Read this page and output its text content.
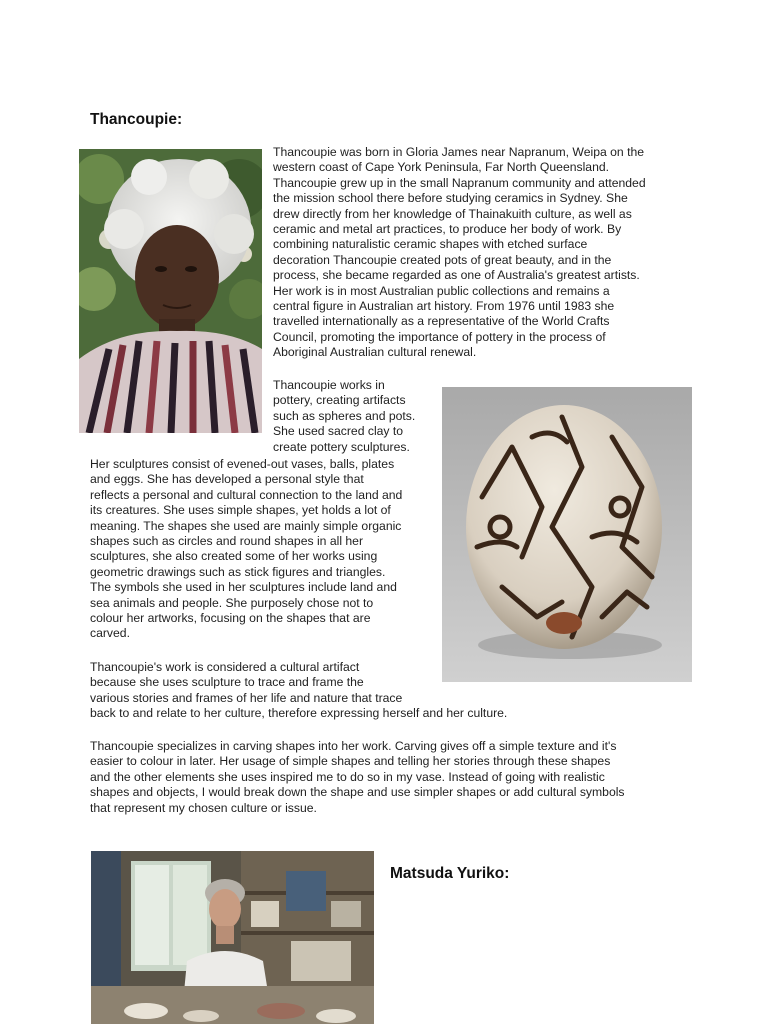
Thancoupie:

Thancoupie was born in Gloria James near Napranum, Weipa on the
western coast of Cape York Peninsula, Far North Queensland.
Thancoupie grew up in the small Napranum community and attended
the mission school there before studying ceramics in Sydney. She
drew directly from her knowledge of Thainakuith culture, as well as
ceramic and metal art practices, to produce her body of work. By
combining naturalistic ceramic shapes with etched surface
decoration Thancoupie created pots of great beauty, and in the
process, she became regarded as one of Australia's greatest artists.
Her work is in most Australian public collections and remains a
central figure in Australian art history. From 1976 until 1983 she
travelled internationally as a representative of the World Crafts
Council, promoting the importance of pottery in the process of
Aboriginal Australian cultural renewal.

Thancoupie works in
pottery, creating artifacts
such as spheres and pots.
She used sacred clay to
create pottery sculptures.

Her sculptures consist of evened-out vases, balls, plates
and eggs. She has developed a personal style that
reflects a personal and cultural connection to the land and
its creatures. She uses simple shapes, yet holds a lot of
meaning. The shapes she used are mainly simple organic
shapes such as circles and round shapes in all her
sculptures, she also created some of her works using
geometric drawings such as stick figures and triangles.
The symbols she used in her sculptures include land and
sea animals and people. She purposely chose not to
colour her artworks, focusing on the shapes that are
carved.

Thancoupie's work is considered a cultural artifact
because she uses sculpture to trace and frame the
various stories and frames of her life and nature that trace
back to and relate to her culture, therefore expressing herself and her culture.

Thancoupie specializes in carving shapes into her work. Carving gives off a simple texture and it's
easier to colour in later. Her usage of simple shapes and telling her stories through these shapes
and the other elements she uses inspired me to do so in my vase. Instead of going with realistic
shapes and objects, I would break down the shape and use simpler shapes or add cultural symbols
that represent my chosen culture or issue.

Matsuda Yuriko:
